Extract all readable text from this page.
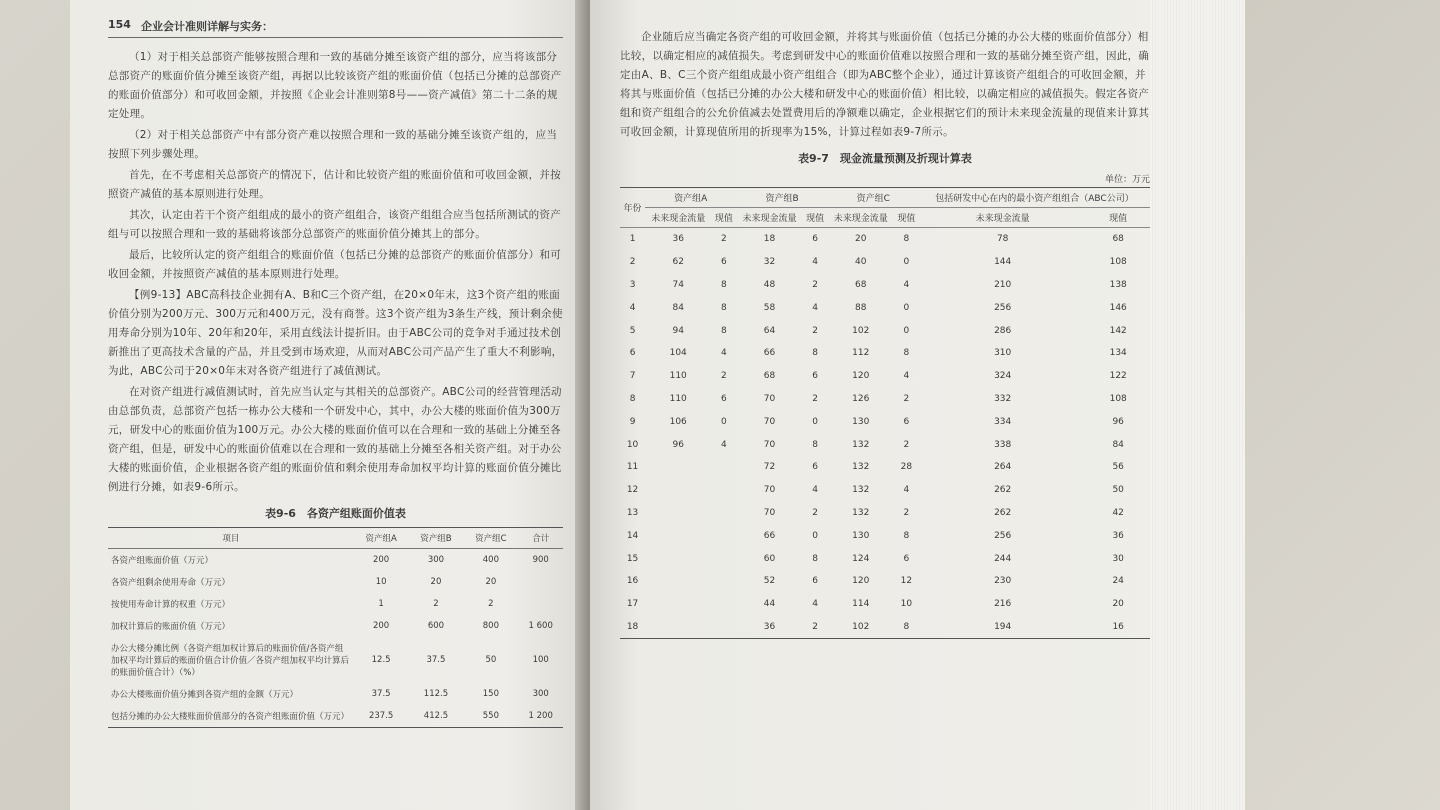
154 企业会计准则详解与实务：

（1）对于相关总部资产能够按照合理和一致的基础分摊至该资产组的部分，应当将该部分总部资产的账面价值分摊至该资产组，再据以比较该资产组的账面价值（包括已分摊的总部资产的账面价值部分）和可收回金额，并按照《企业会计准则第8号——资产减值》第二十二条的规定处理。

（2）对于相关总部资产中有部分资产难以按照合理和一致的基础分摊至该资产组的，应当按照下列步骤处理。

首先，在不考虑相关总部资产的情况下，估计和比较资产组的账面价值和可收回金额，并按照资产减值的基本原则进行处理。

其次，认定由若干个资产组组成的最小的资产组组合，该资产组组合应当包括所测试的资产组与可以按照合理和一致的基础将该部分总部资产的账面价值分摊其上的部分。

最后，比较所认定的资产组组合的账面价值（包括已分摊的总部资产的账面价值部分）和可收回金额，并按照资产减值的基本原则进行处理。

【例9-13】ABC高科技企业拥有A、B和C三个资产组，在20×0年末，这3个资产组的账面价值分别为200万元、300万元和400万元，没有商誉。这3个资产组为3条生产线，预计剩余使用寿命分别为10年、20年和20年，采用直线法计提折旧。由于ABC公司的竞争对手通过技术创新推出了更高技术含量的产品，并且受到市场欢迎，从而对ABC公司产品产生了重大不利影响，为此，ABC公司于20×0年末对各资产组进行了减值测试。

在对资产组进行减值测试时，首先应当认定与其相关的总部资产。ABC公司的经营管理活动由总部负责，总部资产包括一栋办公大楼和一个研发中心，其中，办公大楼的账面价值为300万元，研发中心的账面价值为100万元。办公大楼的账面价值可以在合理和一致的基础上分摊至各资产组，但是，研发中心的账面价值难以在合理和一致的基础上分摊至各相关资产组。对于办公大楼的账面价值，企业根据各资产组的账面价值和剩余使用寿命加权平均计算的账面价值分摊比例进行分摊，如表9-6所示。

表9-6　各资产组账面价值表
项目	资产组A	资产组B	资产组C	合计
各资产组账面价值（万元）	200	300	400	900
各资产组剩余使用寿命（万元）	10	20	20	
按使用寿命计算的权重（万元）	1	2	2	
加权计算后的账面价值（万元）	200	600	800	1 600
办公大楼分摊比例（各资产组加权计算后的账面价值/各资产组加权平均计算后的账面价值合计价值／各资产组加权平均计算后的账面价值合计）（%）	12.5	37.5	50	100
办公大楼账面价值分摊到各资产组的金额（万元）	37.5	112.5	150	300
包括分摊的办公大楼账面价值部分的各资产组账面价值（万元）	237.5	412.5	550	1 200

企业随后应当确定各资产组的可收回金额，并将其与账面价值（包括已分摊的办公大楼的账面价值部分）相比较，以确定相应的减值损失。考虑到研发中心的账面价值难以按照合理和一致的基础分摊至资产组，因此，确定由A、B、C三个资产组组成最小资产组组合（即为ABC整个企业），通过计算该资产组组合的可收回金额，并将其与账面价值（包括已分摊的办公大楼和研发中心的账面价值）相比较，以确定相应的减值损失。假定各资产组和资产组组合的公允价值减去处置费用后的净额难以确定，企业根据它们的预计未来现金流量的现值来计算其可收回金额，计算现值所用的折现率为15%，计算过程如表9-7所示。

表9-7　现金流量预测及折现计算表
单位：万元
年份	资产组A		资产组B		资产组C		包括研发中心在内的最小资产组组合（ABC公司）	
	未来现金流量	现值	未来现金流量	现值	未来现金流量	现值	未来现金流量	现值
1	36	2	18	6	20	8	78	68
2	62	6	32	4	40	0	144	108
3	74	8	48	2	68	4	210	138
4	84	8	58	4	88	0	256	146
5	94	8	64	2	102	0	286	142
6	104	4	66	8	112	8	310	134
7	110	2	68	6	120	4	324	122
8	110	6	70	2	126	2	332	108
9	106	0	70	0	130	6	334	96
10	96	4	70	8	132	2	338	84
11			72	6	132	28	264	56
12			70	4	132	4	262	50
13			70	2	132	2	262	42
14			66	0	130	8	256	36
15			60	8	124	6	244	30
16			52	6	120	12	230	24
17			44	4	114	10	216	20
18			36	2	102	8	194	16
